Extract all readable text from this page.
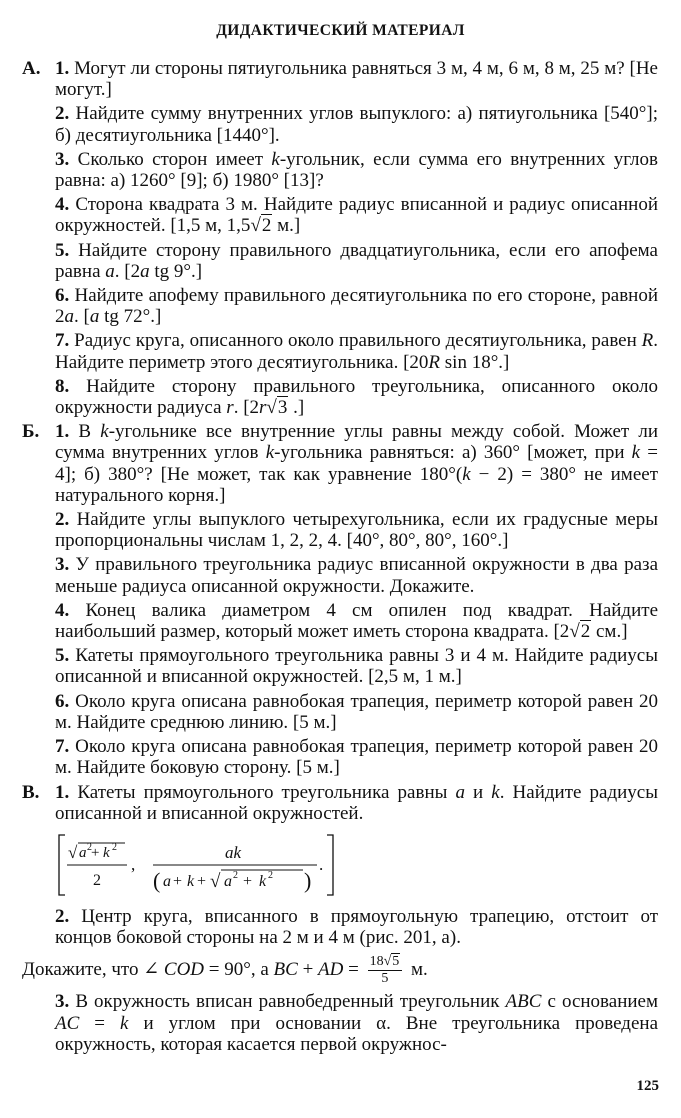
ДИДАКТИЧЕСКИЙ МАТЕРИАЛ
А. 1. Могут ли стороны пятиугольника равняться 3 м, 4 м, 6 м, 8 м, 25 м? [Не могут.]

2. Найдите сумму внутренних углов выпуклого: а) пятиугольника [540°]; б) десятиугольника [1440°].

3. Сколько сторон имеет k-угольник, если сумма его внутренних углов равна: а) 1260° [9]; б) 1980° [13]?

4. Сторона квадрата 3 м. Найдите радиус вписанной и радиус описанной окружностей. [1,5 м, 1,5√2 м.]

5. Найдите сторону правильного двадцатиугольника, если его апофема равна a. [2a tg 9°.]

6. Найдите апофему правильного десятиугольника по его стороне, равной 2a. [a tg 72°.]

7. Радиус круга, описанного около правильного десятиугольника, равен R. Найдите периметр этого десятиугольника. [20R sin 18°.]

8. Найдите сторону правильного треугольника, описанного около окружности радиуса r. [2r√3 .]

Б. 1. В k-угольнике все внутренние углы равны между собой. Может ли сумма внутренних углов k-угольника равняться: а) 360° [может, при k = 4]; б) 380°? [Не может, так как уравнение 180°(k − 2) = 380° не имеет натурального корня.]

2. Найдите углы выпуклого четырехугольника, если их градусные меры пропорциональны числам 1, 2, 2, 4. [40°, 80°, 80°, 160°.]

3. У правильного треугольника радиус вписанной окружности в два раза меньше радиуса описанной окружности. Докажите.

4. Конец валика диаметром 4 см опилен под квадрат. Найдите наибольший размер, который может иметь сторона квадрата. [2√2 см.]

5. Катеты прямоугольного треугольника равны 3 и 4 м. Найдите радиусы описанной и вписанной окружностей. [2,5 м, 1 м.]

6. Около круга описана равнобокая трапеция, периметр которой равен 20 м. Найдите среднюю линию. [5 м.]

7. Около круга описана равнобокая трапеция, периметр которой равен 20 м. Найдите боковую сторону. [5 м.]

В. 1. Катеты прямоугольного треугольника равны a и k. Найдите радиусы описанной и вписанной окружностей.

√ a 2 + k 2
2
,
ak
( a + k + √ a 2 + k 2 )
.

2. Центр круга, вписанного в прямоугольную трапецию, отстоит от концов боковой стороны на 2 м и 4 м (рис. 201, а).

Докажите, что ∠ COD = 90°, а BC + AD = $\frac{18√5}{5} м$.

3. В окружность вписан равнобедренный треугольник ABC с основанием AC = k и углом при основании α. Вне треугольника проведена окружность, которая касается первой окружнос-

125
